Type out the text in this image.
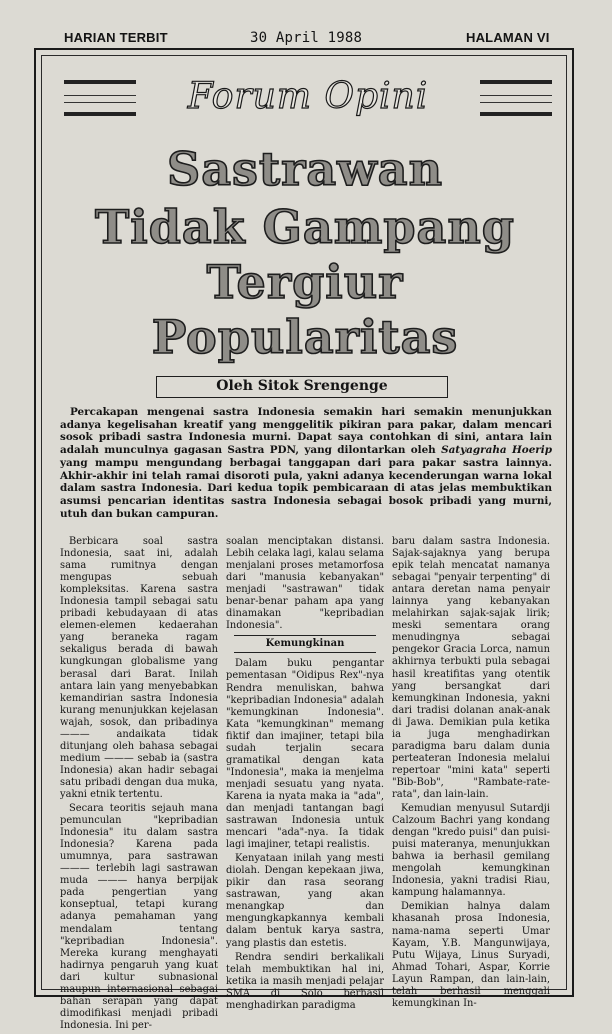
HARIAN TERBIT	30 April 1988	HALAMAN VI
Forum Opini
Sastrawan
Tidak Gampang
Tergiur
Popularitas
Oleh Sitok Srengenge

Percakapan mengenai sastra Indonesia semakin hari semakin menunjukkan adanya kegelisahan kreatif yang menggelitik pikiran para pakar, dalam mencari sosok pribadi sastra Indonesia murni. Dapat saya contohkan di sini, antara lain adalah munculnya gagasan Sastra PDN, yang dilontarkan oleh Satyagraha Hoerip yang mampu mengundang berbagai tanggapan dari para pakar sastra lainnya. Akhir-akhir ini telah ramai disoroti pula, yakni adanya kecenderungan warna lokal dalam sastra Indonesia. Dari kedua topik pembicaraan di atas jelas membuktikan asumsi pencarian identitas sastra Indonesia sebagai bosok pribadi yang murni, utuh dan bukan campuran.

Berbicara soal sastra Indonesia, saat ini, adalah sama rumitnya dengan mengupas sebuah kompleksitas. Karena sastra Indonesia tampil sebagai satu pribadi kebudayaan di atas elemen-elemen kedaerahan yang beraneka ragam sekaligus berada di bawah kungkungan globalisme yang berasal dari Barat. Inilah antara lain yang menyebabkan kemandirian sastra Indonesia kurang menunjukkan kejelasan wajah, sosok, dan pribadinya ——— andaikata tidak ditunjang oleh bahasa sebagai medium ——— sebab ia (sastra Indonesia) akan hadir sebagai satu pribadi dengan dua muka, yakni etnik tertentu.

Secara teoritis sejauh mana pemunculan "kepribadian Indonesia" itu dalam sastra Indonesia? Karena pada umumnya, para sastrawan ——— terlebih lagi sastrawan muda ——— hanya berpijak pada pengertian yang konseptual, tetapi kurang adanya pemahaman yang mendalam tentang "kepribadian Indonesia". Mereka kurang menghayati hadirnya pengaruh yang kuat dari kultur subnasional maupun internasional sebagai bahan serapan yang dapat dimodifikasi menjadi pribadi Indonesia. Ini per-

soalan menciptakan distansi. Lebih celaka lagi, kalau selama menjalani proses metamorfosa dari "manusia kebanyakan" menjadi "sastrawan" tidak benar-benar paham apa yang dinamakan "kepribadian Indonesia".

Kemungkinan

Dalam buku pengantar pementasan "Oidipus Rex"-nya Rendra menuliskan, bahwa "kepribadian Indonesia" adalah "kemungkinan Indonesia". Kata "kemungkinan" memang fiktif dan imajiner, tetapi bila sudah terjalin secara gramatikal dengan kata "Indonesia", maka ia menjelma menjadi sesuatu yang nyata. Karena ia nyata maka ia "ada", dan menjadi tantangan bagi sastrawan Indonesia untuk mencari "ada"-nya. Ia tidak lagi imajiner, tetapi realistis.

Kenyataan inilah yang mesti diolah. Dengan kepekaan jiwa, pikir dan rasa seorang sastrawan, yang akan menangkap dan mengungkapkannya kembali dalam bentuk karya sastra, yang plastis dan estetis.

Rendra sendiri berkalikali telah membuktikan hal ini, ketika ia masih menjadi pelajar SMA di Solo berhasil menghadirkan paradigma

baru dalam sastra Indonesia. Sajak-sajaknya yang berupa epik telah mencatat namanya sebagai "penyair terpenting" di antara deretan nama penyair lainnya yang kebanyakan melahirkan sajak-sajak lirik; meski sementara orang menudingnya sebagai pengekor Gracia Lorca, namun akhirnya terbukti pula sebagai hasil kreatifitas yang otentik yang bersangkat dari kemungkinan Indonesia, yakni dari tradisi dolanan anak-anak di Jawa. Demikian pula ketika ia juga menghadirkan paradigma baru dalam dunia perteateran Indonesia melalui repertoar "mini kata" seperti "Bib-Bob", "Rambate-rate-rata", dan lain-lain.

Kemudian menyusul Sutardji Calzoum Bachri yang kondang dengan "kredo puisi" dan puisi-puisi materanya, menunjukkan bahwa ia berhasil gemilang mengolah kemungkinan Indonesia, yakni tradisi Riau, kampung halamannya.

Demikian halnya dalam khasanah prosa Indonesia, nama-nama seperti Umar Kayam, Y.B. Mangunwijaya, Putu Wijaya, Linus Suryadi, Ahmad Tohari, Aspar, Korrie Layun Rampan, dan lain-lain, telah berhasil menggali kemungkinan In-
